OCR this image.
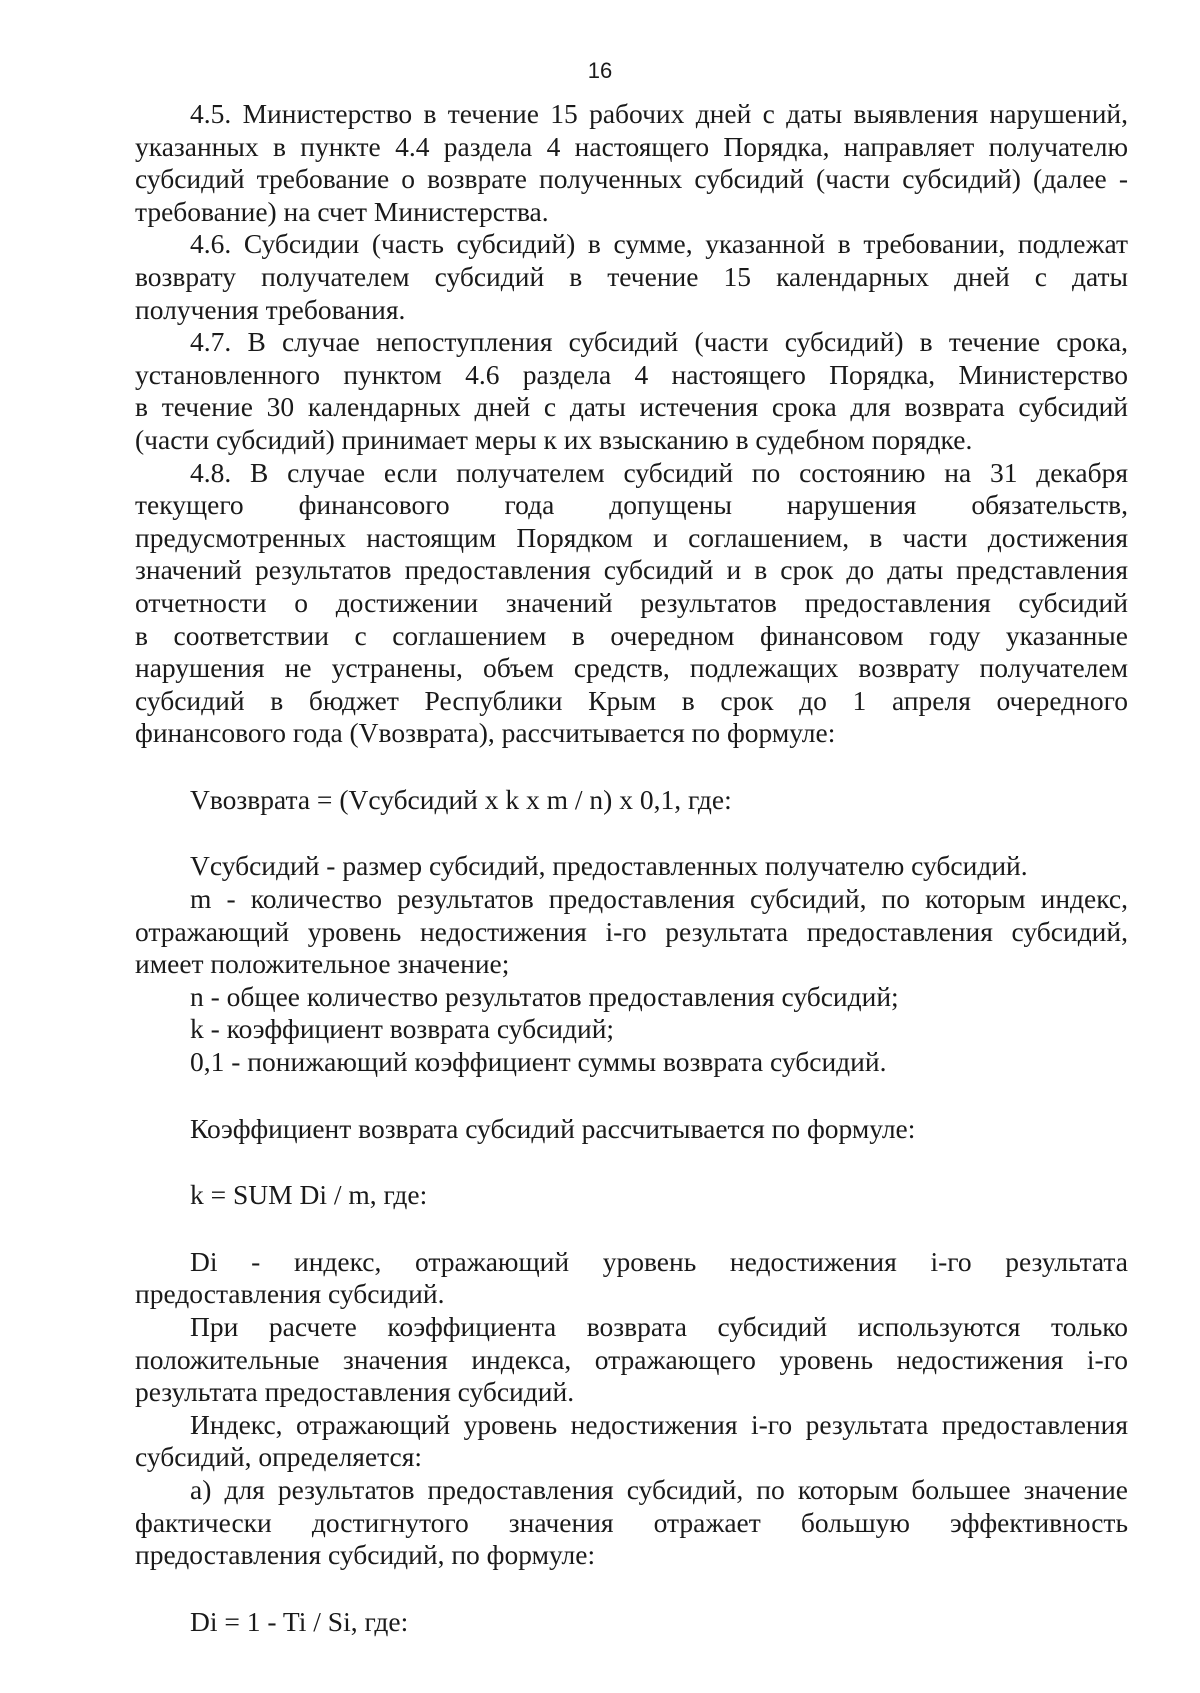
16
4.5. Министерство в течение 15 рабочих дней с даты выявления нарушений,
указанных в пункте 4.4 раздела 4 настоящего Порядка, направляет получателю
субсидий требование о возврате полученных субсидий (части субсидий) (далее -
требование) на счет Министерства.
4.6. Субсидии (часть субсидий) в сумме, указанной в требовании, подлежат
возврату получателем субсидий в течение 15 календарных дней с даты
получения требования.
4.7. В случае непоступления субсидий (части субсидий) в течение срока,
установленного пунктом 4.6 раздела 4 настоящего Порядка, Министерство
в течение 30 календарных дней с даты истечения срока для возврата субсидий
(части субсидий) принимает меры к их взысканию в судебном порядке.
4.8. В случае если получателем субсидий по состоянию на 31 декабря
текущего финансового года допущены нарушения обязательств,
предусмотренных настоящим Порядком и соглашением, в части достижения
значений результатов предоставления субсидий и в срок до даты представления
отчетности о достижении значений результатов предоставления субсидий
в соответствии с соглашением в очередном финансовом году указанные
нарушения не устранены, объем средств, подлежащих возврату получателем
субсидий в бюджет Республики Крым в срок до 1 апреля очередного
финансового года (Vвозврата), рассчитывается по формуле:
Vвозврата = (Vсубсидий x k x m / n) x 0,1, где:
Vсубсидий - размер субсидий, предоставленных получателю субсидий.
m - количество результатов предоставления субсидий, по которым индекс,
отражающий уровень недостижения i-го результата предоставления субсидий,
имеет положительное значение;
n - общее количество результатов предоставления субсидий;
k - коэффициент возврата субсидий;
0,1 - понижающий коэффициент суммы возврата субсидий.
Коэффициент возврата субсидий рассчитывается по формуле:
k = SUM Di / m, где:
Di - индекс, отражающий уровень недостижения i-го результата
предоставления субсидий.
При расчете коэффициента возврата субсидий используются только
положительные значения индекса, отражающего уровень недостижения i-го
результата предоставления субсидий.
Индекс, отражающий уровень недостижения i-го результата предоставления
субсидий, определяется:
а) для результатов предоставления субсидий, по которым большее значение
фактически достигнутого значения отражает большую эффективность
предоставления субсидий, по формуле:
Di = 1 - Ti / Si, где:
